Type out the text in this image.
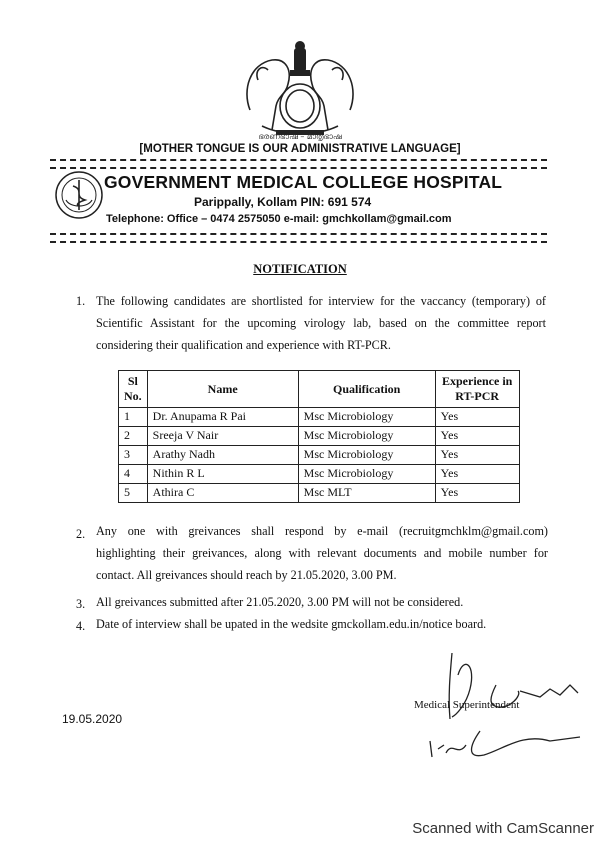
ഭരണഭാഷ – മാതൃഭാഷ
[MOTHER TONGUE IS OUR ADMINISTRATIVE LANGUAGE]
GOVERNMENT MEDICAL COLLEGE HOSPITAL
Parippally, Kollam PIN: 691 574
Telephone: Office – 0474 2575050 e-mail: gmchkollam@gmail.com
NOTIFICATION
1. The following candidates are shortlisted for interview for the vaccancy (temporary) of Scientific Assistant for the upcoming virology lab, based on the committee report considering their qualification and experience with RT-PCR.
Sl No.	Name	Qualification	Experience in RT-PCR
1	Dr. Anupama R Pai	Msc Microbiology	Yes
2	Sreeja V Nair	Msc Microbiology	Yes
3	Arathy Nadh	Msc Microbiology	Yes
4	Nithin R L	Msc Microbiology	Yes
5	Athira C	Msc MLT	Yes
2. Any one with greivances shall respond by e-mail (recruitgmchklm@gmail.com) highlighting their greivances, along with relevant documents and mobile number for contact. All greivances should reach by 21.05.2020, 3.00 PM.
3. All greivances submitted after 21.05.2020, 3.00 PM will not be considered.
4. Date of interview shall be upated in the wedsite gmckollam.edu.in/notice board.
19.05.2020
Medical Superintendent
Scanned with CamScanner
